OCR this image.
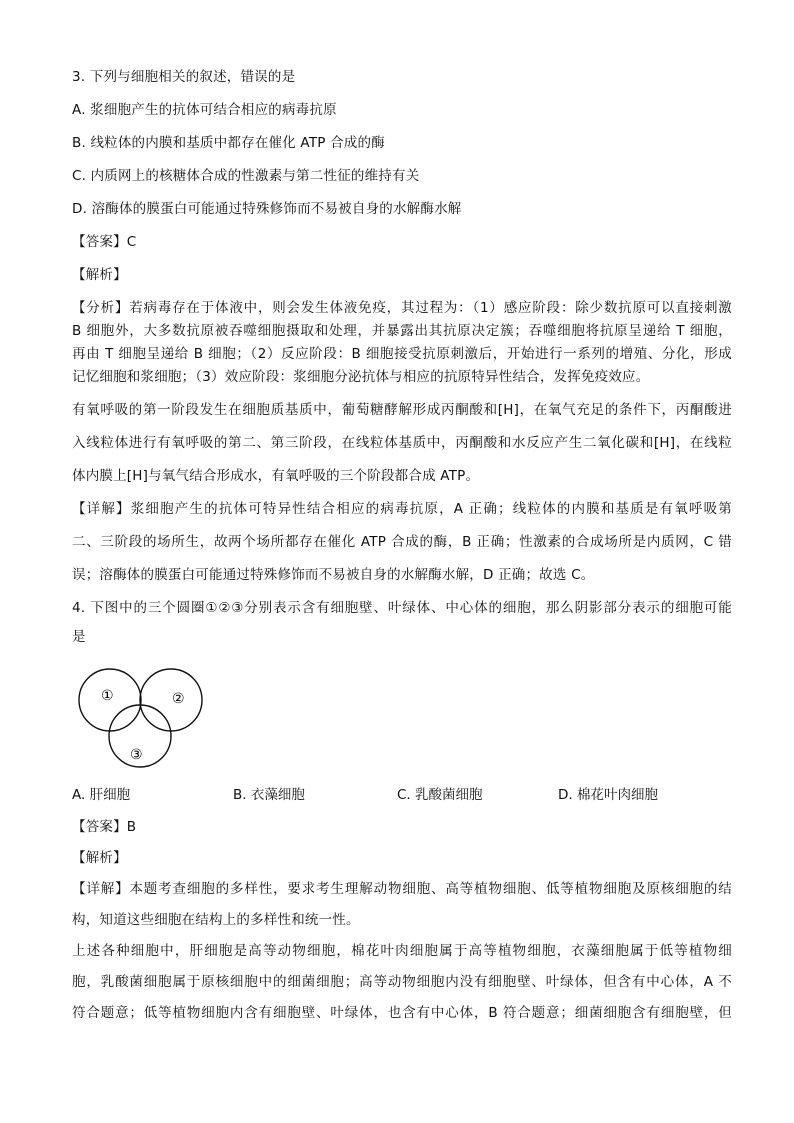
3. 下列与细胞相关的叙述，错误的是
A. 浆细胞产生的抗体可结合相应的病毒抗原
B. 线粒体的内膜和基质中都存在催化 ATP 合成的酶
C. 内质网上的核糖体合成的性激素与第二性征的维持有关
D. 溶酶体的膜蛋白可能通过特殊修饰而不易被自身的水解酶水解
【答案】C
【解析】
【分析】若病毒存在于体液中，则会发生体液免疫，其过程为：（1）感应阶段：除少数抗原可以直接刺激
B 细胞外，大多数抗原被吞噬细胞摄取和处理，并暴露出其抗原决定簇；吞噬细胞将抗原呈递给 T 细胞，
再由 T 细胞呈递给 B 细胞；（2）反应阶段：B 细胞接受抗原刺激后，开始进行一系列的增殖、分化，形成
记忆细胞和浆细胞；（3）效应阶段：浆细胞分泌抗体与相应的抗原特异性结合，发挥免疫效应。
有氧呼吸的第一阶段发生在细胞质基质中，葡萄糖酵解形成丙酮酸和[H]，在氧气充足的条件下，丙酮酸进
入线粒体进行有氧呼吸的第二、第三阶段，在线粒体基质中，丙酮酸和水反应产生二氧化碳和[H]，在线粒
体内膜上[H]与氧气结合形成水，有氧呼吸的三个阶段都合成 ATP。
【详解】浆细胞产生的抗体可特异性结合相应的病毒抗原，A 正确；线粒体的内膜和基质是有氧呼吸第
二、三阶段的场所生，故两个场所都存在催化 ATP 合成的酶，B 正确；性激素的合成场所是内质网，C 错
误；溶酶体的膜蛋白可能通过特殊修饰而不易被自身的水解酶水解，D 正确；故选 C。
4. 下图中的三个圆圈①②③分别表示含有细胞壁、叶绿体、中心体的细胞，那么阴影部分表示的细胞可能
是
①	②
③
A. 肝细胞	B. 衣藻细胞	C. 乳酸菌细胞	D. 棉花叶肉细胞
【答案】B
【解析】
【详解】本题考查细胞的多样性，要求考生理解动物细胞、高等植物细胞、低等植物细胞及原核细胞的结
构，知道这些细胞在结构上的多样性和统一性。
上述各种细胞中，肝细胞是高等动物细胞，棉花叶肉细胞属于高等植物细胞，衣藻细胞属于低等植物细
胞，乳酸菌细胞属于原核细胞中的细菌细胞；高等动物细胞内没有细胞壁、叶绿体，但含有中心体，A 不
符合题意；低等植物细胞内含有细胞壁、叶绿体，也含有中心体，B 符合题意；细菌细胞含有细胞壁，但
